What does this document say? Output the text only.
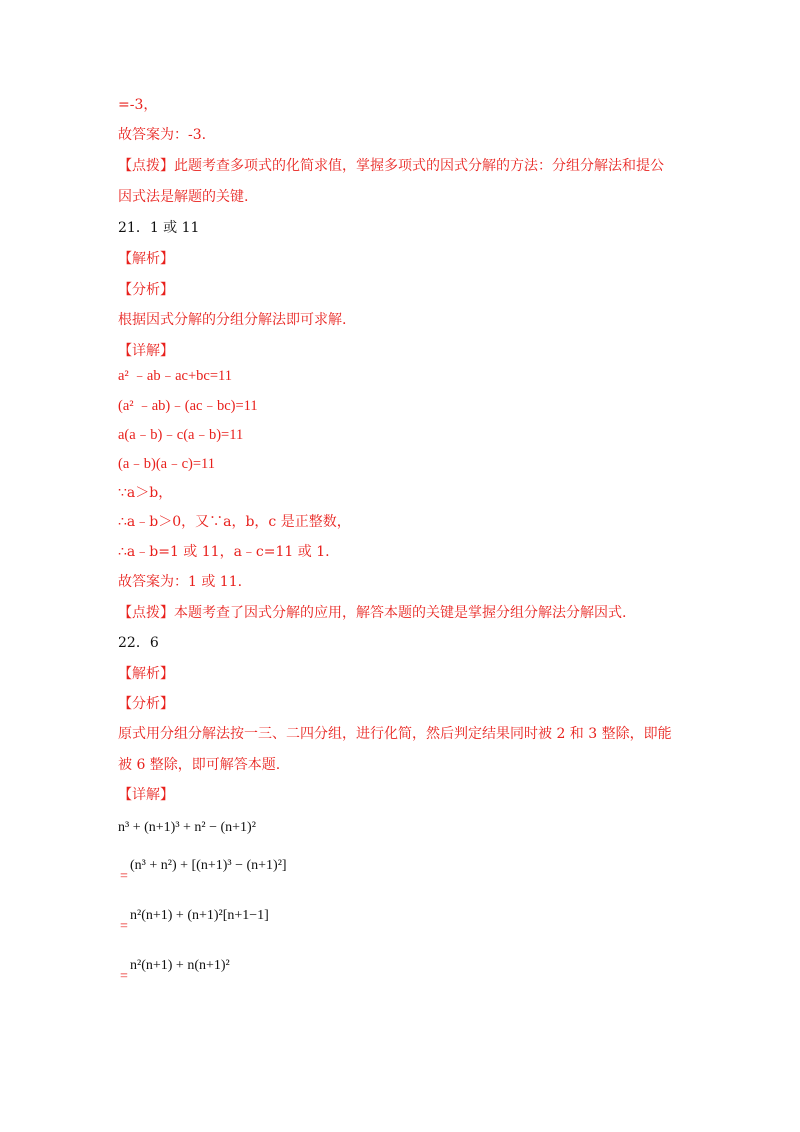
=-3，
故答案为：-3.
【点拨】此题考查多项式的化简求值，掌握多项式的因式分解的方法：分组分解法和提公
因式法是解题的关键.
21．1 或 11
【解析】
【分析】
根据因式分解的分组分解法即可求解.
【详解】
a² ﹣ab﹣ac+bc=11
(a² ﹣ab)﹣(ac﹣bc)=11
a(a﹣b)﹣c(a﹣b)=11
(a﹣b)(a﹣c)=11
∵a＞b，
∴a﹣b＞0，又∵a，b，c 是正整数，
∴a﹣b=1 或 11，a﹣c=11 或 1.
故答案为：1 或 11.
【点拨】本题考查了因式分解的应用，解答本题的关键是掌握分组分解法分解因式.
22．6
【解析】
【分析】
原式用分组分解法按一三、二四分组，进行化简，然后判定结果同时被 2 和 3 整除，即能
被 6 整除，即可解答本题.
【详解】
n³ + (n+1)³ + n² − (n+1)²
=
(n³ + n²) + [(n+1)³ − (n+1)²]
=
n²(n+1) + (n+1)²[n+1−1]
=
n²(n+1) + n(n+1)²
